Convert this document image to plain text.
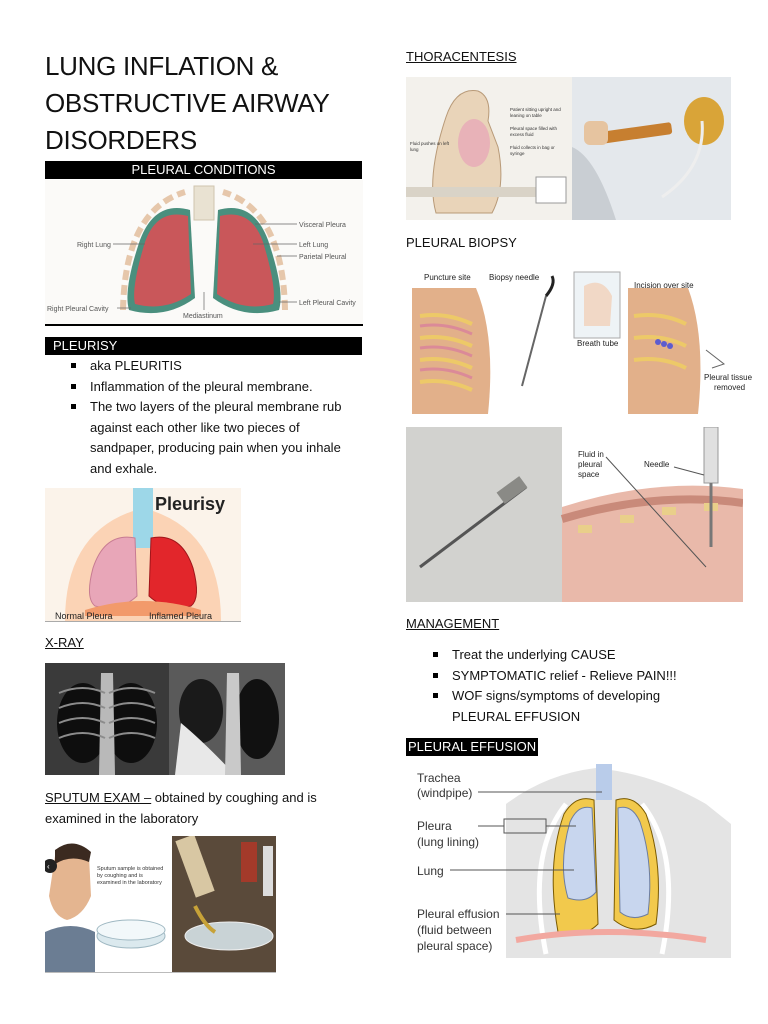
LUNG INFLATION &
OBSTRUCTIVE AIRWAY
DISORDERS
PLEURAL CONDITIONS
Visceral Pleura
Right Lung	Left Lung
Parietal Pleural
Right Pleural Cavity
Left Pleural Cavity
Mediastinum
PLEURISY
aka PLEURITIS
Inflammation of the pleural membrane.
The two layers of the pleural membrane rub against each other like two pieces of sandpaper, producing pain when you inhale and exhale.
Pleurisy
Normal Pleura	Inflamed Pleura
X-RAY
SPUTUM EXAM – obtained by coughing and is
examined in the laboratory
Sputum sample is obtained by coughing and is examined in the laboratory
‹
THORACENTESIS
Patient sitting upright and leaning on table
Pleural space filled with excess fluid
Fluid collects in bag or syringe
Fluid pushes on left lung
PLEURAL BIOPSY
Puncture site Biopsy needle
Breath tube
Incision over site
Pleural tissue
removed
Fluid in
pleural
space
Needle
MANAGEMENT
Treat the underlying CAUSE
SYMPTOMATIC relief - Relieve PAIN!!!
WOF signs/symptoms of developing PLEURAL EFFUSION
PLEURAL EFFUSION
Trachea
(windpipe)
Pleura
(lung lining)
Lung
Pleural effusion
(fluid between
pleural space)
